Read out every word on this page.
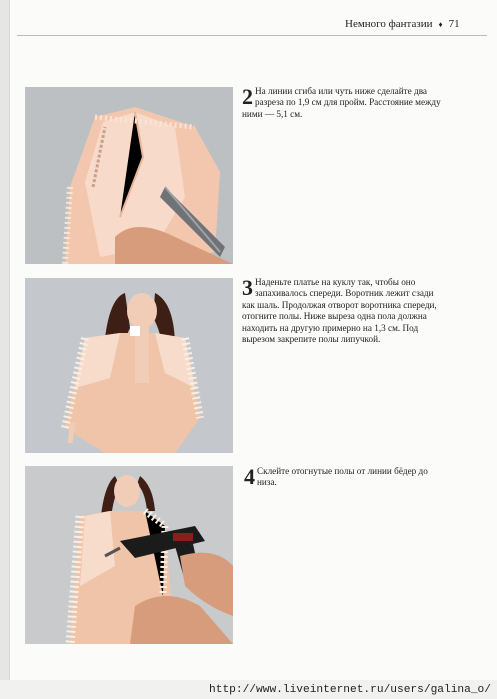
Немного фантазии ♦ 71
2 На линии сгиба или чуть ниже сделайте два разреза по 1,9 см для пройм. Расстояние между ними — 5,1 см.
3 Наденьте платье на куклу так, чтобы оно запахивалось спереди. Воротник лежит сзади как шаль. Продолжая отворот воротника спереди, отогните полы. Ниже выреза одна пола должна находить на другую примерно на 1,3 см. Под вырезом закрепите полы липучкой.
4 Склейте отогнутые полы от линии бёдер до низа.
http://www.liveinternet.ru/users/galina_o/
